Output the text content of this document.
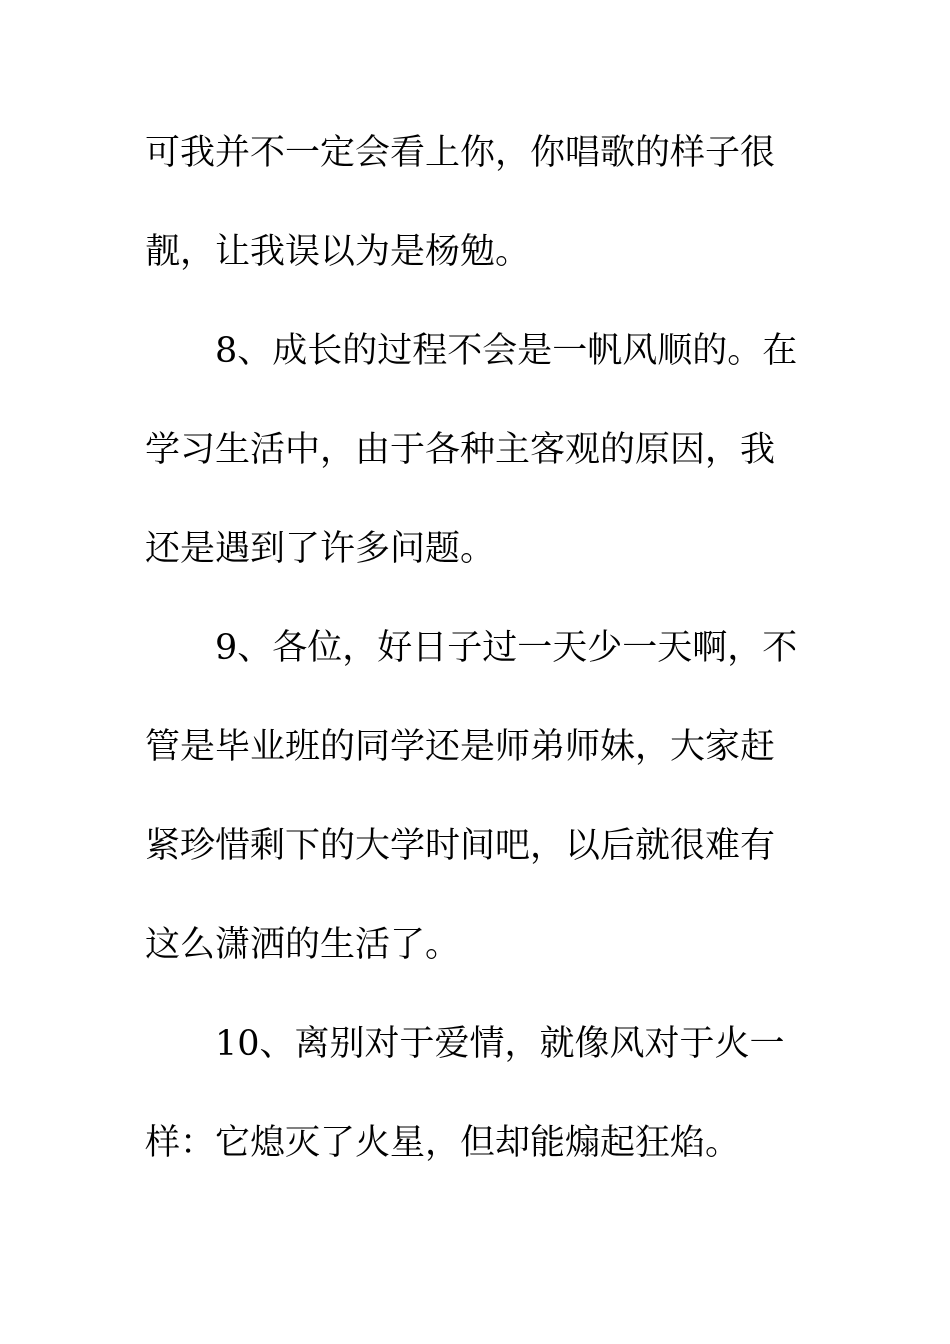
可我并不一定会看上你，你唱歌的样子很

靓，让我误以为是杨勉。

8、成长的过程不会是一帆风顺的。在

学习生活中，由于各种主客观的原因，我

还是遇到了许多问题。

9、各位，好日子过一天少一天啊，不

管是毕业班的同学还是师弟师妹，大家赶

紧珍惜剩下的大学时间吧，以后就很难有

这么潇洒的生活了。

10、离别对于爱情，就像风对于火一

样：它熄灭了火星，但却能煽起狂焰。
